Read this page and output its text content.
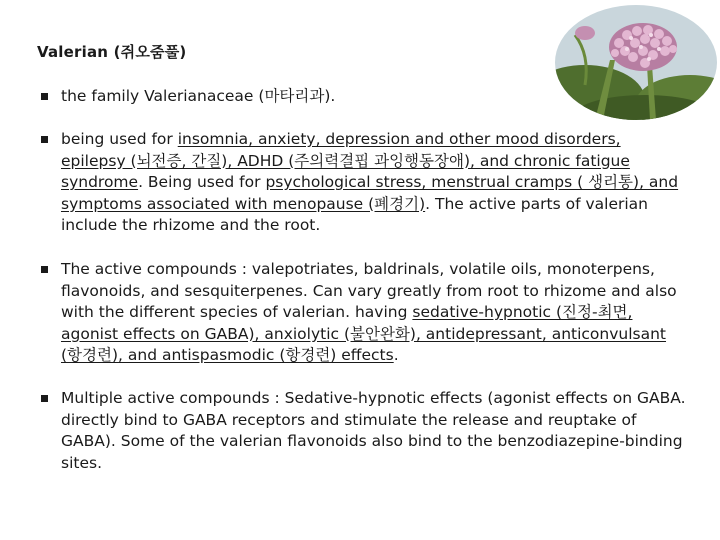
Valerian (쥐오줌풀)
the family Valerianaceae (마타리과).
being used for insomnia, anxiety, depression and other mood disorders, epilepsy (뇌전증, 간질), ADHD (주의력결핍 과잉행동장애), and chronic fatigue syndrome. Being used for psychological stress, menstrual cramps ( 생리통), and symptoms associated with menopause (폐경기). The active parts of valerian include the rhizome and the root.
The active compounds : valepotriates, baldrinals, volatile oils, monoterpens, flavonoids, and sesquiterpenes. Can vary greatly from root to rhizome and also with the different species of valerian. having sedative-hypnotic (진정-최면, agonist effects on GABA), anxiolytic (불안완화), antidepressant, anticonvulsant (항경련), and antispasmodic (항경련) effects.
Multiple active compounds : Sedative-hypnotic effects (agonist effects on GABA. directly bind to GABA receptors and stimulate the release and reuptake of GABA). Some of the valerian flavonoids also bind to the benzodiazepine-binding sites.
